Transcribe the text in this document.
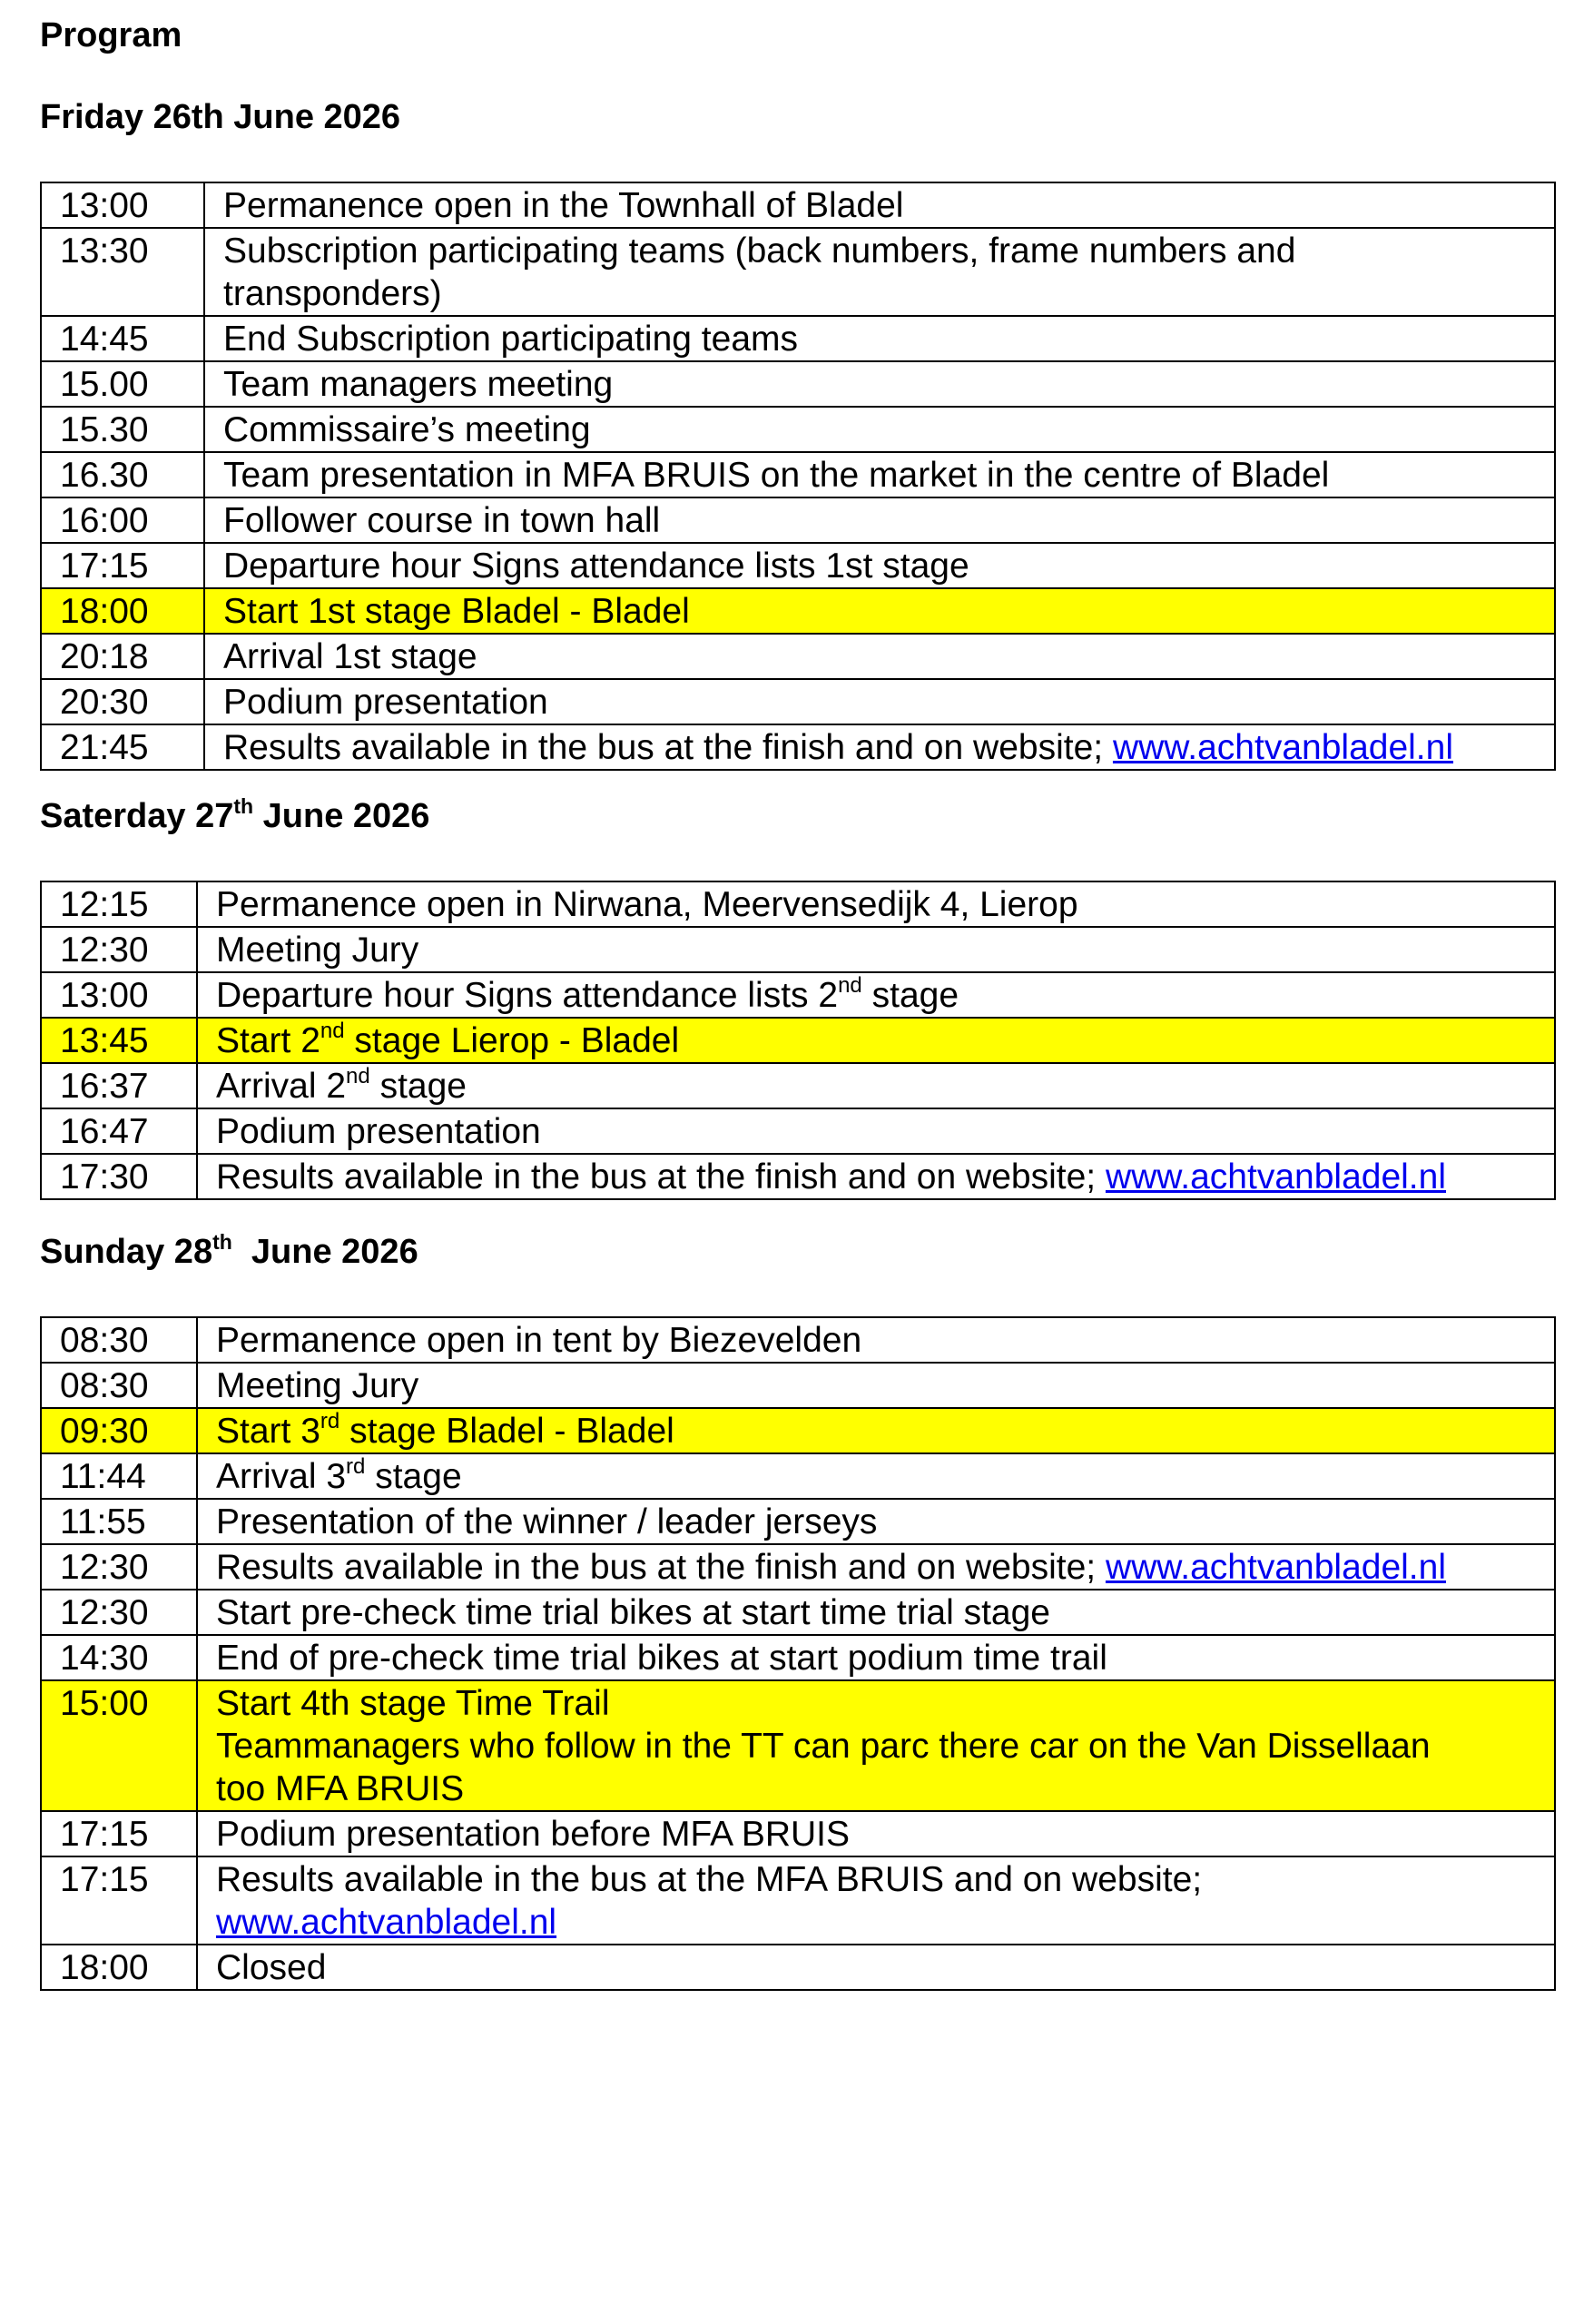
Program
Friday 26th June 2026
13:00	Permanence open in the Townhall of Bladel
13:30	Subscription participating teams (back numbers, frame numbers and
transponders)

14:45	End Subscription participating teams
15.00	Team managers meeting
15.30	Commissaire’s meeting
16.30	Team presentation in MFA BRUIS on the market in the centre of Bladel
16:00	Follower course in town hall
17:15	Departure hour Signs attendance lists 1st stage
18:00	Start 1st stage Bladel - Bladel
20:18	Arrival 1st stage
20:30	Podium presentation
21:45	Results available in the bus at the finish and on website; www.achtvanbladel.nl
Saterday 27th June 2026
12:15	Permanence open in Nirwana, Meervensedijk 4, Lierop
12:30	Meeting Jury
13:00	Departure hour Signs attendance lists 2nd stage
13:45	Start 2nd stage Lierop - Bladel
16:37	Arrival 2nd stage
16:47	Podium presentation
17:30	Results available in the bus at the finish and on website; www.achtvanbladel.nl
Sunday 28th  June 2026
08:30	Permanence open in tent by Biezevelden
08:30	Meeting Jury
09:30	Start 3rd stage Bladel - Bladel
11:44	Arrival 3rd stage
11:55	Presentation of the winner / leader jerseys
12:30	Results available in the bus at the finish and on website; www.achtvanbladel.nl
12:30	Start pre-check time trial bikes at start time trial stage
14:30	End of pre-check time trial bikes at start podium time trail
15:00	Start 4th stage Time Trail
Teammanagers who follow in the TT can parc there car on the Van Dissellaan
too MFA BRUIS

17:15	Podium presentation before MFA BRUIS
17:15	Results available in the bus at the MFA BRUIS and on website;
www.achtvanbladel.nl
18:00	Closed
